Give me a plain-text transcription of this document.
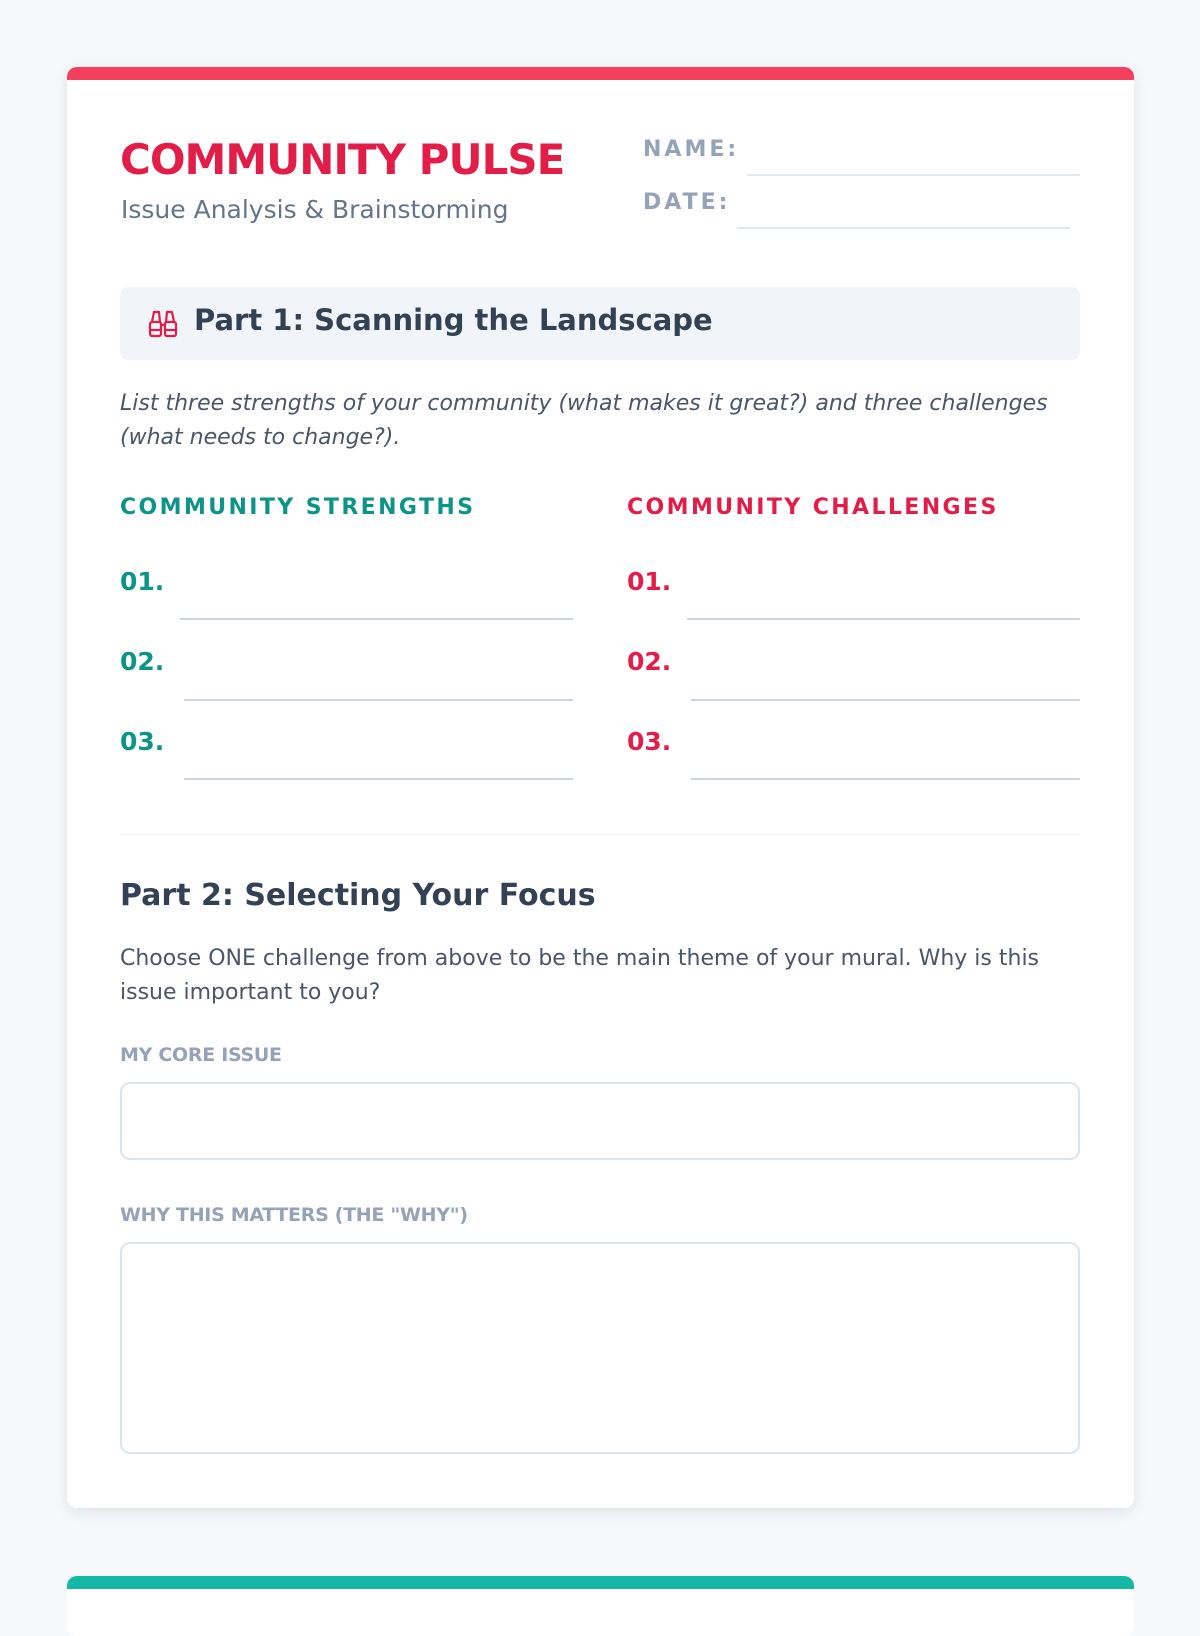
COMMUNITY PULSE
Issue Analysis & Brainstorming
NAME:
DATE:
Part 1: Scanning the Landscape
List three strengths of your community (what makes it great?) and three challenges (what needs to change?).
COMMUNITY STRENGTHS	COMMUNITY CHALLENGES
01.
02.
03.
01.
02.
03.
Part 2: Selecting Your Focus
Choose ONE challenge from above to be the main theme of your mural. Why is this issue important to you?
MY CORE ISSUE
WHY THIS MATTERS (THE "WHY")
